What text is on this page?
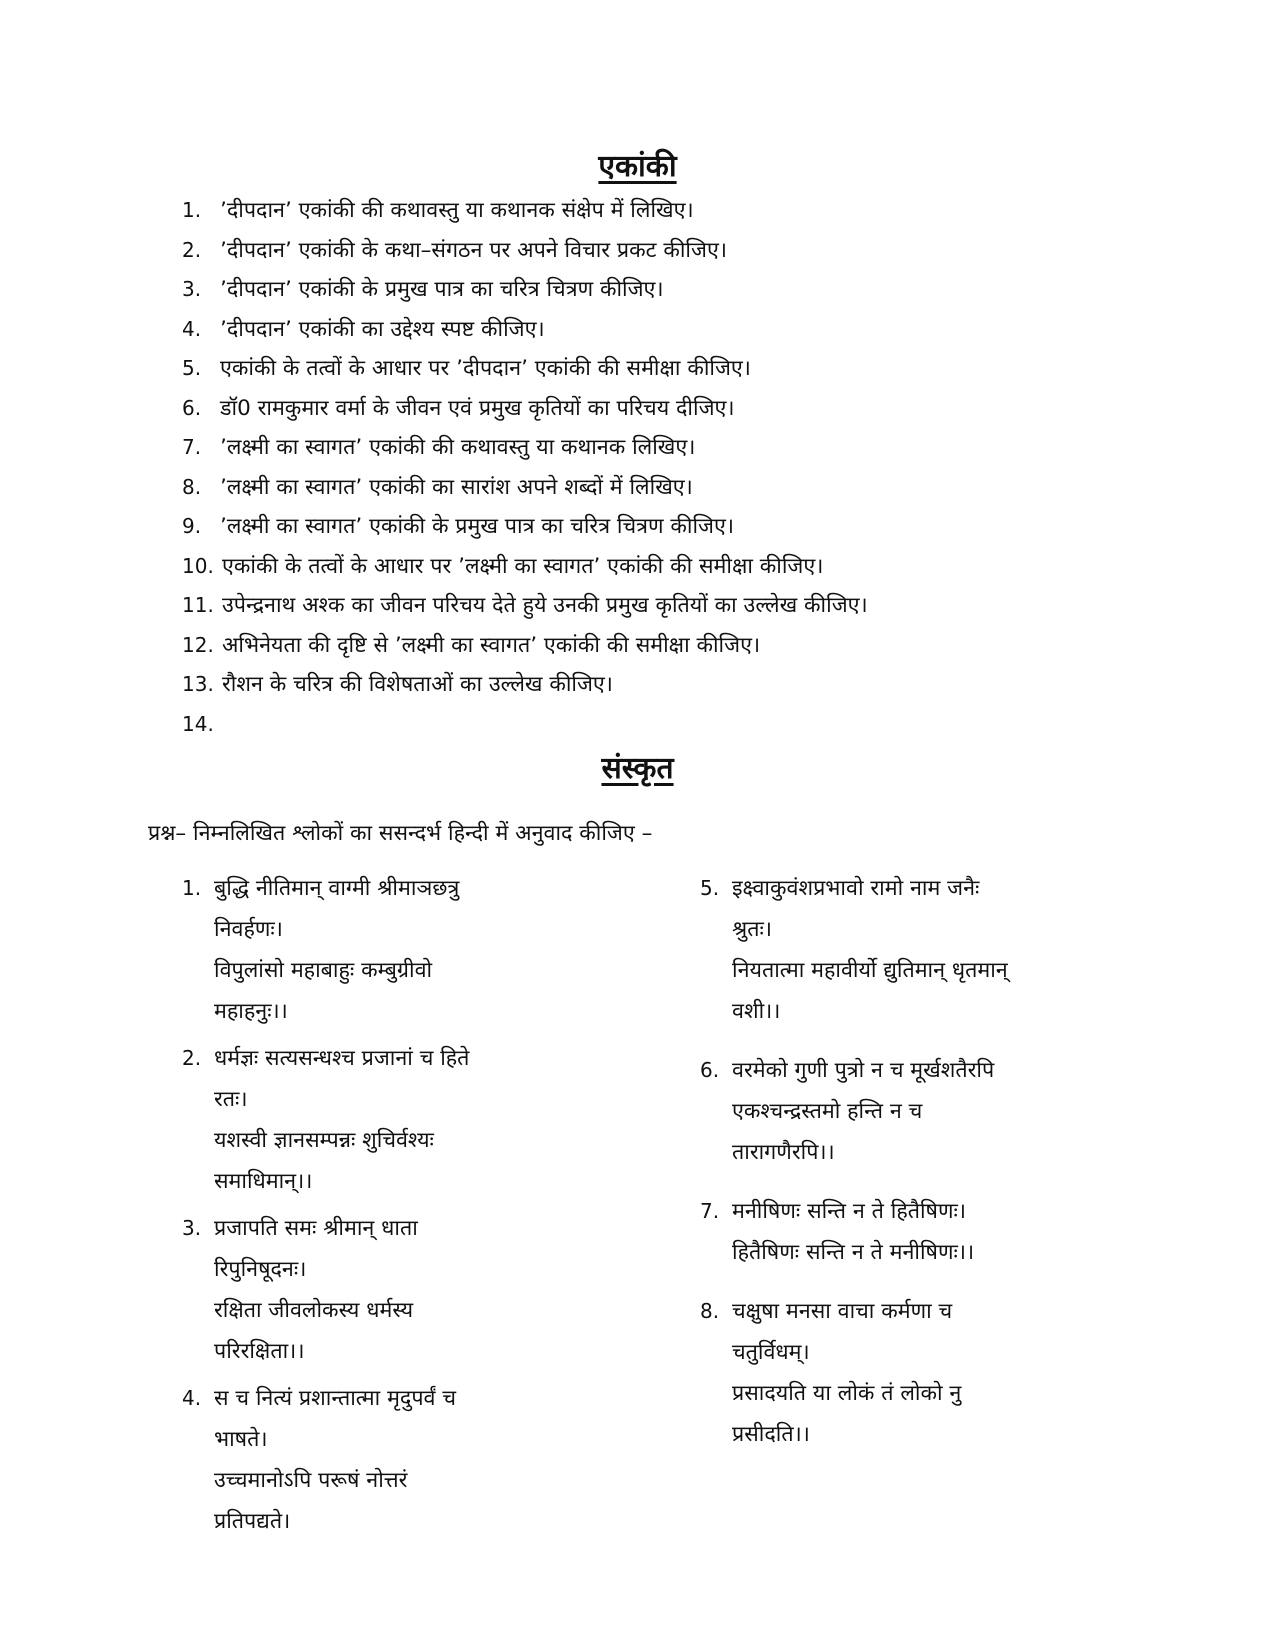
एकांकी
1. ’दीपदान’ एकांकी की कथावस्तु या कथानक संक्षेप में लिखिए।
2. ’दीपदान’ एकांकी के कथा–संगठन पर अपने विचार प्रकट कीजिए।
3. ’दीपदान’ एकांकी के प्रमुख पात्र का चरित्र चित्रण कीजिए।
4. ’दीपदान’ एकांकी का उद्देश्य स्पष्ट कीजिए।
5. एकांकी के तत्वों के आधार पर ’दीपदान’ एकांकी की समीक्षा कीजिए।
6. डॉ0 रामकुमार वर्मा के जीवन एवं प्रमुख कृतियों का परिचय दीजिए।
7. ’लक्ष्मी का स्वागत’ एकांकी की कथावस्तु या कथानक लिखिए।
8. ’लक्ष्मी का स्वागत’ एकांकी का सारांश अपने शब्दों में लिखिए।
9. ’लक्ष्मी का स्वागत’ एकांकी के प्रमुख पात्र का चरित्र चित्रण कीजिए।
10. एकांकी के तत्वों के आधार पर ’लक्ष्मी का स्वागत’ एकांकी की समीक्षा कीजिए।
11. उपेन्द्रनाथ अश्क का जीवन परिचय देते हुये उनकी प्रमुख कृतियों का उल्लेख कीजिए।
12. अभिनेयता की दृष्टि से ’लक्ष्मी का स्वागत’ एकांकी की समीक्षा कीजिए।
13. रौशन के चरित्र की विशेषताओं का उल्लेख कीजिए।
14.
संस्कृत

प्रश्न– निम्नलिखित श्लोकों का ससन्दर्भ हिन्दी में अनुवाद कीजिए –

1. बुद्धि नीतिमान् वाग्मी श्रीमाञछत्रु
निवर्हणः।
विपुलांसो महाबाहुः कम्बुग्रीवो
महाहनुः।।
2. धर्मज्ञः सत्यसन्धश्च प्रजानां च हिते
रतः।
यशस्वी ज्ञानसम्पन्नः शुचिर्वश्यः
समाधिमान्।।
3. प्रजापति समः श्रीमान् धाता
रिपुनिषूदनः।
रक्षिता जीवलोकस्य धर्मस्य
परिरक्षिता।।
4. स च नित्यं प्रशान्तात्मा मृदुपर्वं च
भाषते।
उच्चमानोऽपि परूषं नोत्तरं
प्रतिपद्यते।
5. इक्ष्वाकुवंशप्रभावो रामो नाम जनैः
श्रुतः।
नियतात्मा महावीर्यो द्युतिमान् धृतमान्
वशी।।
6. वरमेको गुणी पुत्रो न च मूर्खशतैरपि
एकश्चन्द्रस्तमो हन्ति न च
तारागणैरपि।।
7. मनीषिणः सन्ति न ते हितैषिणः।
हितैषिणः सन्ति न ते मनीषिणः।।
8. चक्षुषा मनसा वाचा कर्मणा च
चतुर्विधम्।
प्रसादयति या लोकं तं लोको नु
प्रसीदति।।
